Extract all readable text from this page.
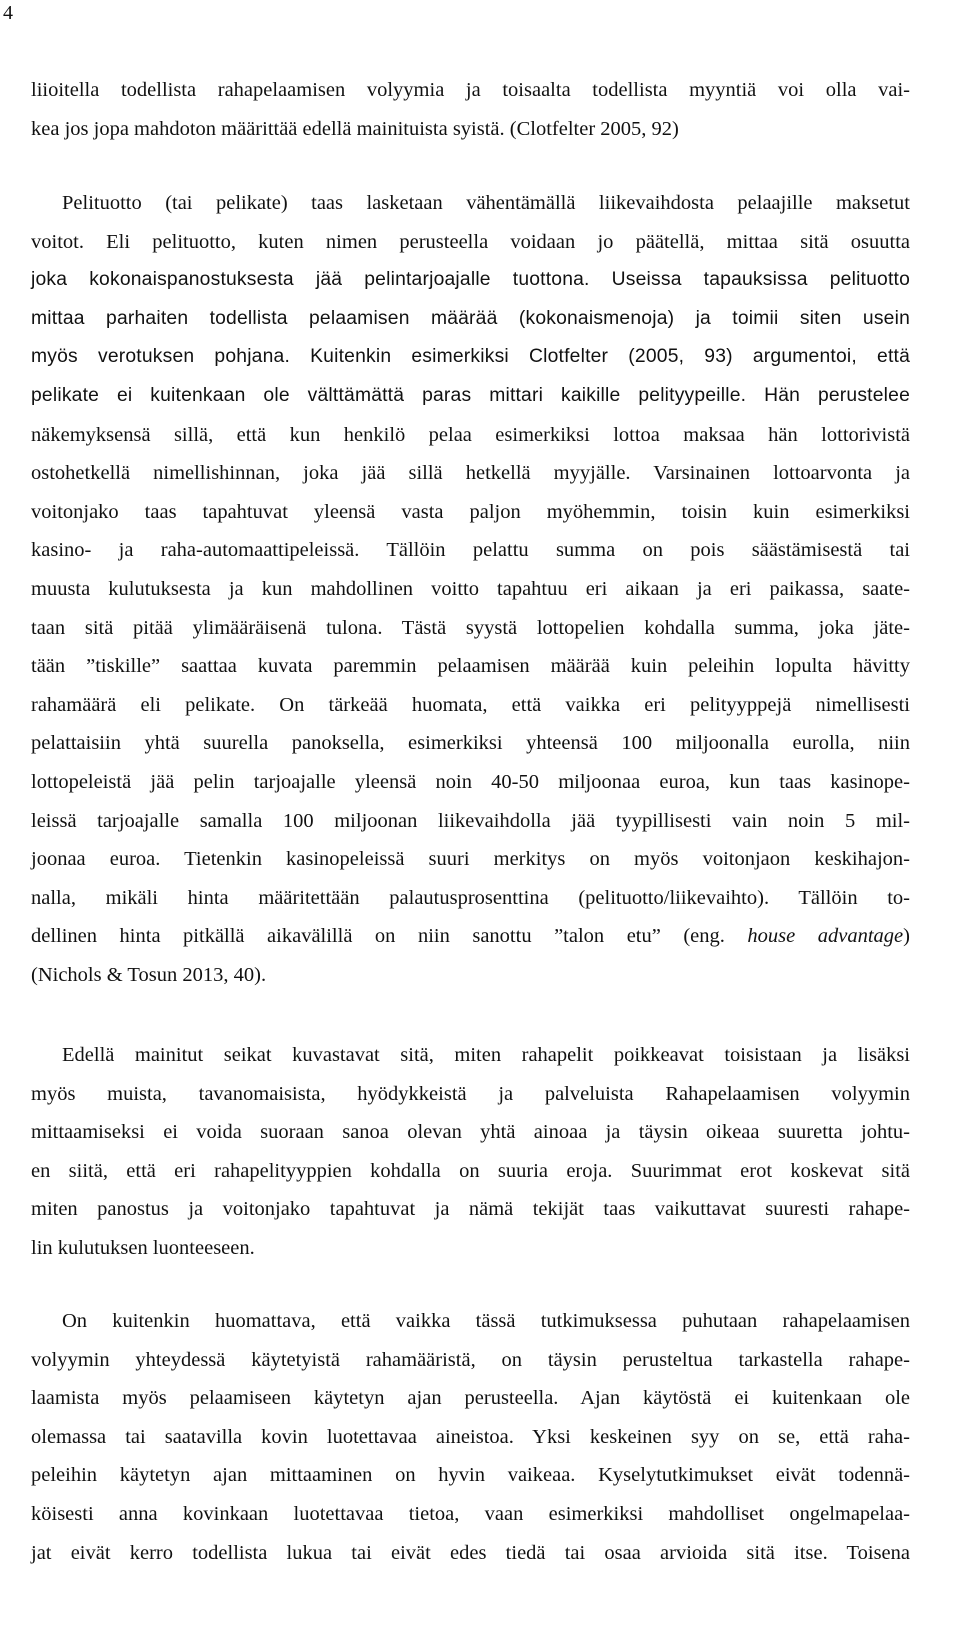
4
liioitella todellista rahapelaamisen volyymia ja toisaalta todellista myyntiä voi olla vai-
kea jos jopa mahdoton määrittää edellä mainituista syistä. (Clotfelter 2005, 92)
Pelituotto (tai pelikate) taas lasketaan vähentämällä liikevaihdosta pelaajille maksetut
voitot. Eli pelituotto, kuten nimen perusteella voidaan jo päätellä, mittaa sitä osuutta
joka kokonaispanostuksesta jää pelintarjoajalle tuottona. Useissa tapauksissa pelituotto
mittaa parhaiten todellista pelaamisen määrää (kokonaismenoja) ja toimii siten usein
myös verotuksen pohjana. Kuitenkin esimerkiksi Clotfelter (2005, 93) argumentoi, että
pelikate ei kuitenkaan ole välttämättä paras mittari kaikille pelityypeille. Hän perustelee
näkemyksensä sillä, että kun henkilö pelaa esimerkiksi lottoa maksaa hän lottorivistä
ostohetkellä nimellishinnan, joka jää sillä hetkellä myyjälle. Varsinainen lottoarvonta ja
voitonjako taas tapahtuvat yleensä vasta paljon myöhemmin, toisin kuin esimerkiksi
kasino- ja raha-automaattipeleissä. Tällöin pelattu summa on pois säästämisestä tai
muusta kulutuksesta ja kun mahdollinen voitto tapahtuu eri aikaan ja eri paikassa, saate-
taan sitä pitää ylimääräisenä tulona. Tästä syystä lottopelien kohdalla summa, joka jäte-
tään ”tiskille” saattaa kuvata paremmin pelaamisen määrää kuin peleihin lopulta hävitty
rahamäärä eli pelikate. On tärkeää huomata, että vaikka eri pelityyppejä nimellisesti
pelattaisiin yhtä suurella panoksella, esimerkiksi yhteensä 100 miljoonalla eurolla, niin
lottopeleistä jää pelin tarjoajalle yleensä noin 40-50 miljoonaa euroa, kun taas kasinope-
leissä tarjoajalle samalla 100 miljoonan liikevaihdolla jää tyypillisesti vain noin 5 mil-
joonaa euroa. Tietenkin kasinopeleissä suuri merkitys on myös voitonjaon keskihajon-
nalla, mikäli hinta määritettään palautusprosenttina (pelituotto/liikevaihto). Tällöin to-
dellinen hinta pitkällä aikavälillä on niin sanottu ”talon etu” (eng. house advantage)
(Nichols & Tosun 2013, 40).
Edellä mainitut seikat kuvastavat sitä, miten rahapelit poikkeavat toisistaan ja lisäksi
myös muista, tavanomaisista, hyödykkeistä ja palveluista Rahapelaamisen volyymin
mittaamiseksi ei voida suoraan sanoa olevan yhtä ainoaa ja täysin oikeaa suuretta johtu-
en siitä, että eri rahapelityyppien kohdalla on suuria eroja. Suurimmat erot koskevat sitä
miten panostus ja voitonjako tapahtuvat ja nämä tekijät taas vaikuttavat suuresti rahape-
lin kulutuksen luonteeseen.
On kuitenkin huomattava, että vaikka tässä tutkimuksessa puhutaan rahapelaamisen
volyymin yhteydessä käytetyistä rahamääristä, on täysin perusteltua tarkastella rahape-
laamista myös pelaamiseen käytetyn ajan perusteella. Ajan käytöstä ei kuitenkaan ole
olemassa tai saatavilla kovin luotettavaa aineistoa. Yksi keskeinen syy on se, että raha-
peleihin käytetyn ajan mittaaminen on hyvin vaikeaa. Kyselytutkimukset eivät todennä-
köisesti anna kovinkaan luotettavaa tietoa, vaan esimerkiksi mahdolliset ongelmapelaa-
jat eivät kerro todellista lukua tai eivät edes tiedä tai osaa arvioida sitä itse. Toisena
